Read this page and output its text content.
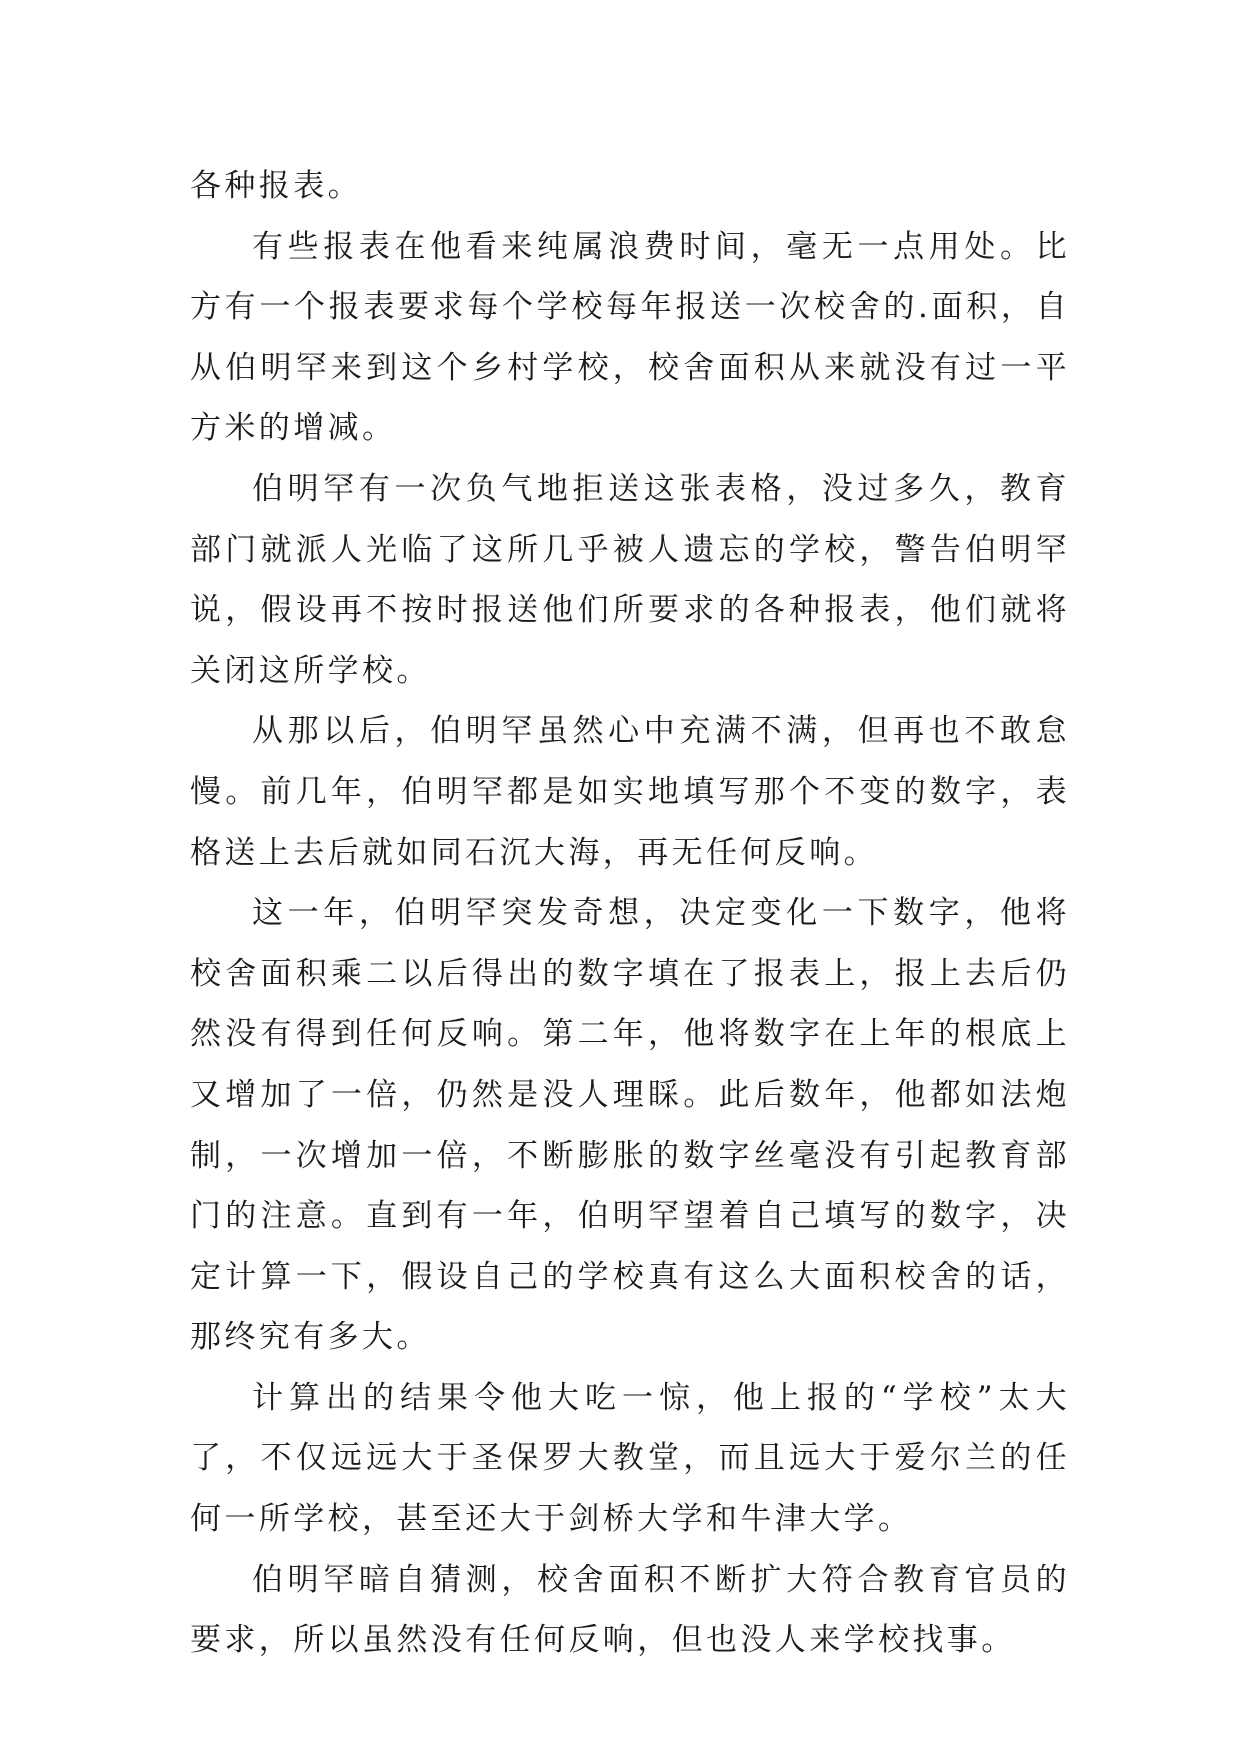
各种报表。

有些报表在他看来纯属浪费时间，毫无一点用处。比方有一个报表要求每个学校每年报送一次校舍的.面积，自从伯明罕来到这个乡村学校，校舍面积从来就没有过一平方米的增减。

伯明罕有一次负气地拒送这张表格，没过多久，教育部门就派人光临了这所几乎被人遗忘的学校，警告伯明罕说，假设再不按时报送他们所要求的各种报表，他们就将关闭这所学校。

从那以后，伯明罕虽然心中充满不满，但再也不敢怠慢。前几年，伯明罕都是如实地填写那个不变的数字，表格送上去后就如同石沉大海，再无任何反响。

这一年，伯明罕突发奇想，决定变化一下数字，他将校舍面积乘二以后得出的数字填在了报表上，报上去后仍然没有得到任何反响。第二年，他将数字在上年的根底上又增加了一倍，仍然是没人理睬。此后数年，他都如法炮制，一次增加一倍，不断膨胀的数字丝毫没有引起教育部门的注意。直到有一年，伯明罕望着自己填写的数字，决定计算一下，假设自己的学校真有这么大面积校舍的话，那终究有多大。

计算出的结果令他大吃一惊，他上报的“学校”太大了，不仅远远大于圣保罗大教堂，而且远大于爱尔兰的任何一所学校，甚至还大于剑桥大学和牛津大学。

伯明罕暗自猜测，校舍面积不断扩大符合教育官员的要求，所以虽然没有任何反响，但也没人来学校找事。
